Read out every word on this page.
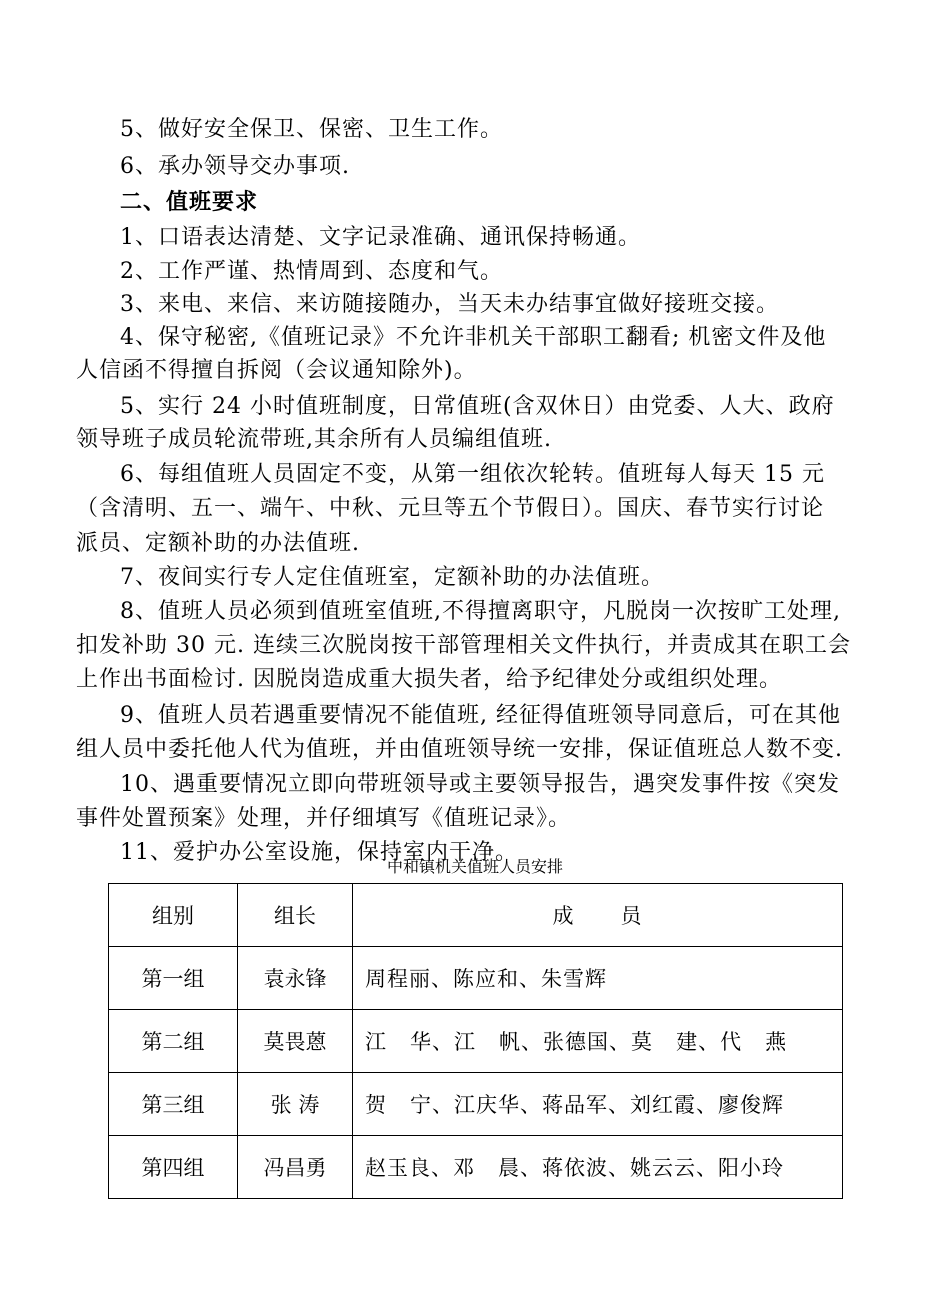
5、做好安全保卫、保密、卫生工作。
6、承办领导交办事项.
二、值班要求
1、口语表达清楚、文字记录准确、通讯保持畅通。
2、工作严谨、热情周到、态度和气。
3、来电、来信、来访随接随办，当天未办结事宜做好接班交接。
4、保守秘密,《值班记录》不允许非机关干部职工翻看; 机密文件及他
人信函不得擅自拆阅（会议通知除外)。
5、实行 24 小时值班制度，日常值班(含双休日）由党委、人大、政府
领导班子成员轮流带班,其余所有人员编组值班.
6、每组值班人员固定不变，从第一组依次轮转。值班每人每天 15 元
（含清明、五一、端午、中秋、元旦等五个节假日）。国庆、春节实行讨论
派员、定额补助的办法值班.
7、夜间实行专人定住值班室，定额补助的办法值班。
8、值班人员必须到值班室值班,不得擅离职守，凡脱岗一次按旷工处理,
扣发补助 30 元. 连续三次脱岗按干部管理相关文件执行，并责成其在职工会
上作出书面检讨. 因脱岗造成重大损失者，给予纪律处分或组织处理。
9、值班人员若遇重要情况不能值班, 经征得值班领导同意后，可在其他
组人员中委托他人代为值班，并由值班领导统一安排，保证值班总人数不变.
10、遇重要情况立即向带班领导或主要领导报告，遇突发事件按《突发
事件处置预案》处理，并仔细填写《值班记录》。
11、爱护办公室设施，保持室内干净。
中和镇机关值班人员安排
组别	组长	成      员
第一组	袁永锋	周程丽、陈应和、朱雪辉
第二组	莫畏蒽	江   华、江   帆、张德国、莫   建、代   燕
第三组	张 涛	贺   宁、江庆华、蒋品军、刘红霞、廖俊辉
第四组	冯昌勇	赵玉良、邓   晨、蒋依波、姚云云、阳小玲
